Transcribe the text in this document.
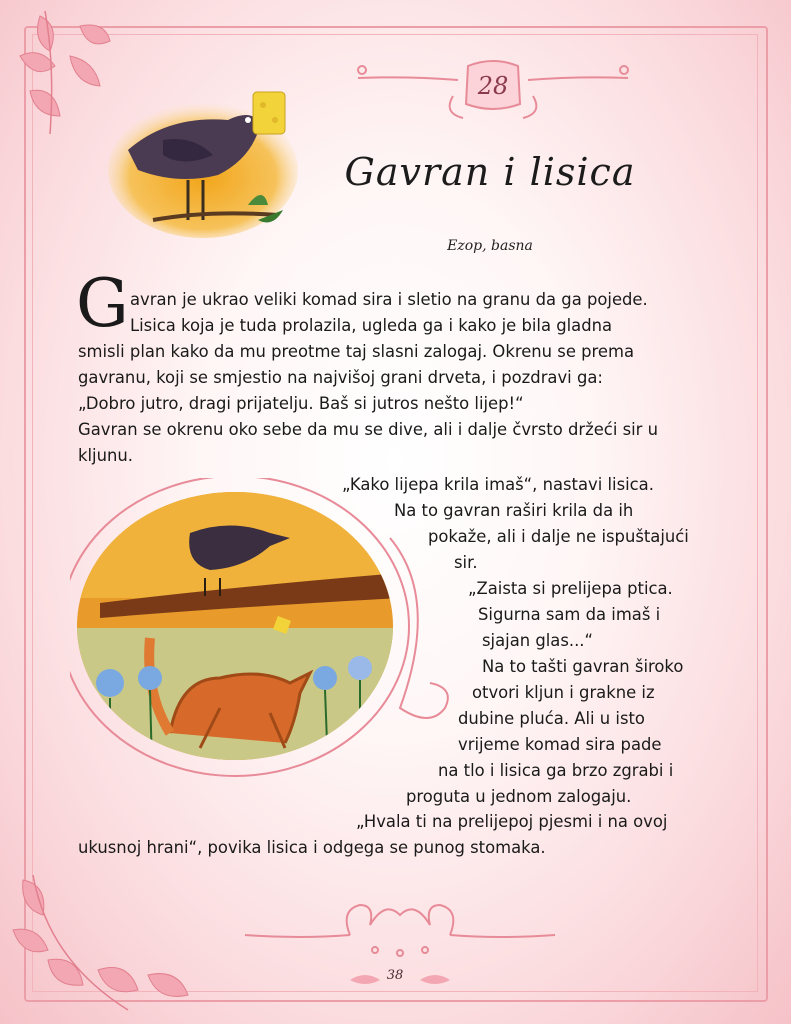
28
Gavran i lisica
Ezop, basna
G avran je ukrao veliki komad sira i sletio na granu da ga pojede.
Lisica koja je tuda prolazila, ugleda ga i kako je bila gladna
smisli plan kako da mu preotme taj slasni zalogaj. Okrenu se prema
gavranu, koji se smjestio na najvišoj grani drveta, i pozdravi ga:
„Dobro jutro, dragi prijatelju. Baš si jutros nešto lijep!“
Gavran se okrenu oko sebe da mu se dive, ali i dalje čvrsto držeći sir u
kljunu.
„Kako lijepa krila imaš“, nastavi lisica.
Na to gavran raširi krila da ih
pokaže, ali i dalje ne ispuštajući
sir.
„Zaista si prelijepa ptica.
Sigurna sam da imaš i
sjajan glas...“
Na to tašti gavran široko
otvori kljun i grakne iz
dubine pluća. Ali u isto
vrijeme komad sira pade
na tlo i lisica ga brzo zgrabi i
proguta u jednom zalogaju.
„Hvala ti na prelijepoj pjesmi i na ovoj
ukusnoj hrani“, povika lisica i odgega se punog stomaka.
38
